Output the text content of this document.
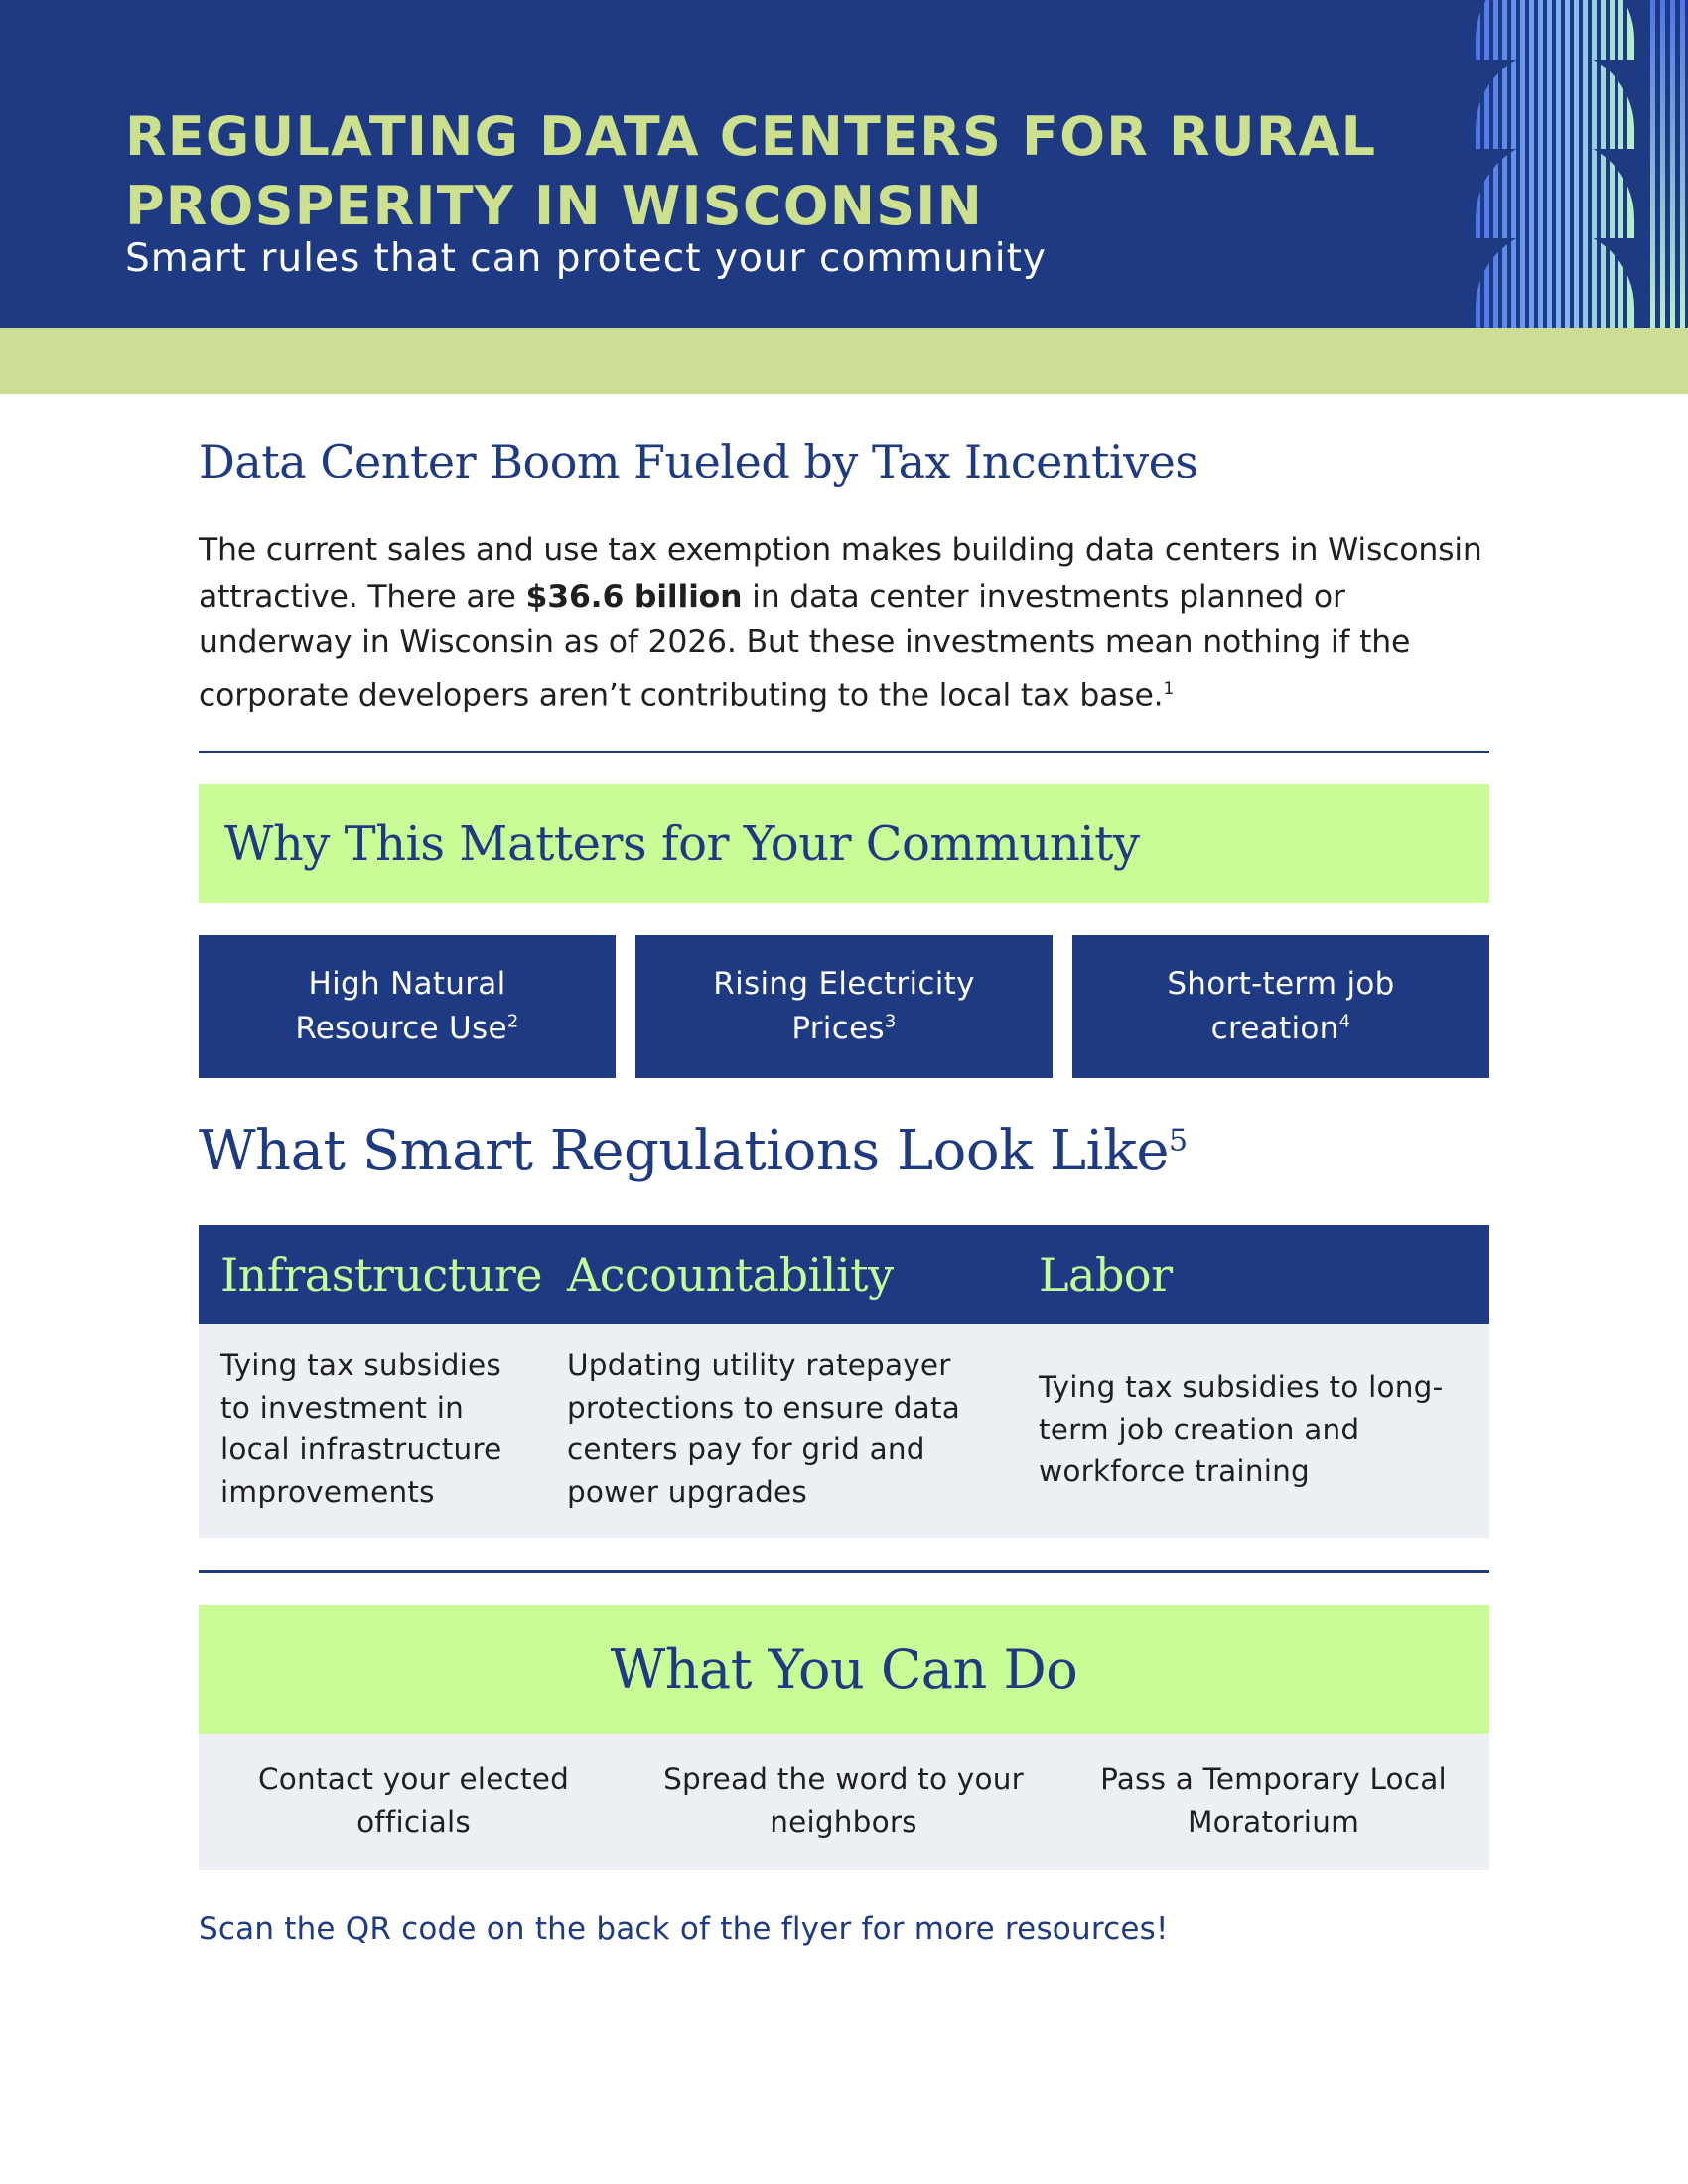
REGULATING DATA CENTERS FOR RURAL
PROSPERITY IN WISCONSIN

Smart rules that can protect your community

Data Center Boom Fueled by Tax Incentives

The current sales and use tax exemption makes building data centers in Wisconsin attractive. There are $36.6 billion in data center investments planned or underway in Wisconsin as of 2026. But these investments mean nothing if the corporate developers aren’t contributing to the local tax base.$^1$

Why This Matters for Your Community
High Natural
Resource Use$^2$
Rising Electricity
Prices$^3$
Short-term job
creation$^4$
What Smart Regulations Look Like$^5$
Infrastructure Accountability	Labor

Tying tax subsidies
to investment in
local infrastructure
improvements

Updating utility ratepayer
protections to ensure data
centers pay for grid and
power upgrades

Tying tax subsidies to long-
term job creation and
workforce training

What You Can Do

Contact your elected
officials

Spread the word to your
neighbors

Pass a Temporary Local
Moratorium

Scan the QR code on the back of the flyer for more resources!
